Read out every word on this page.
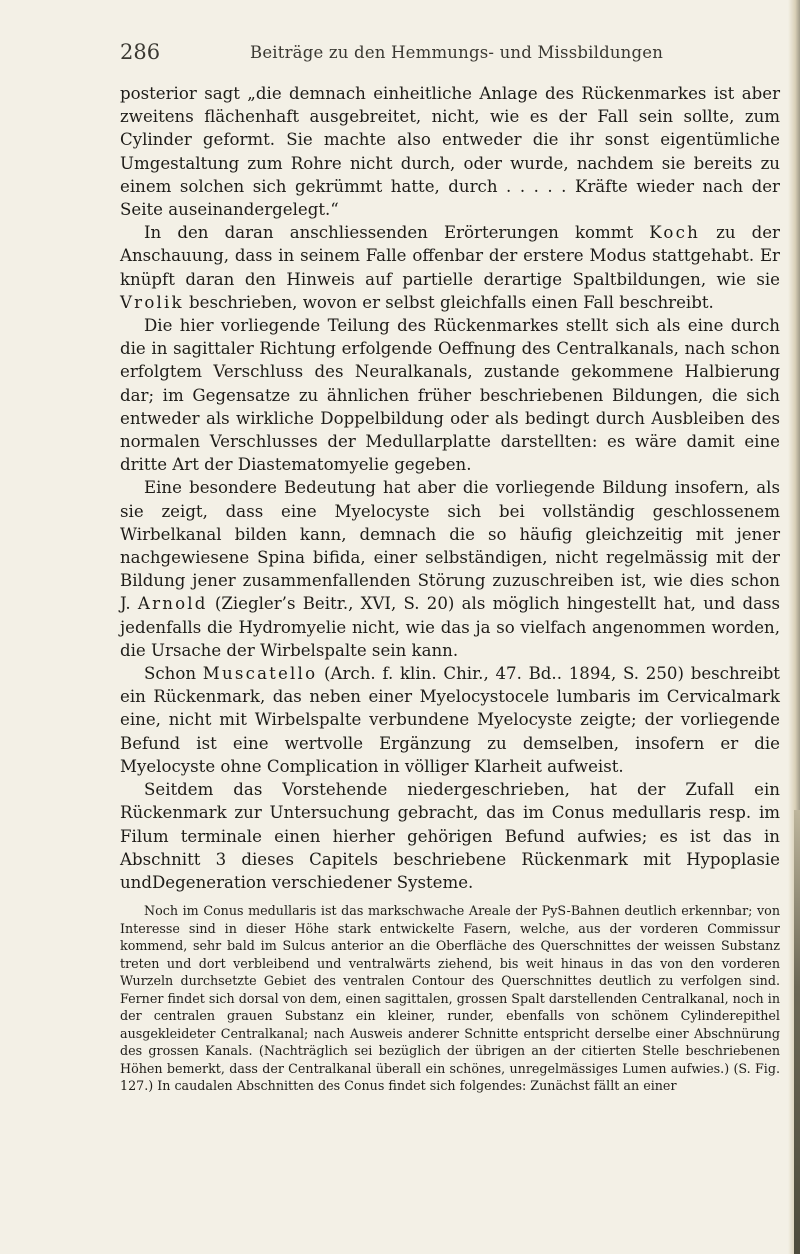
286	Beiträge zu den Hemmungs- und Missbildungen

posterior sagt „die demnach einheitliche Anlage des Rückenmarkes ist aber zweitens flächenhaft ausgebreitet, nicht, wie es der Fall sein sollte, zum Cylinder geformt. Sie machte also entweder die ihr sonst eigentümliche Umgestaltung zum Rohre nicht durch, oder wurde, nachdem sie bereits zu einem solchen sich gekrümmt hatte, durch . . . . . Kräfte wieder nach der Seite auseinandergelegt.“

In den daran anschliessenden Erörterungen kommt Koch zu der Anschauung, dass in seinem Falle offenbar der erstere Modus stattgehabt. Er knüpft daran den Hinweis auf partielle derartige Spaltbildungen, wie sie Vrolik beschrieben, wovon er selbst gleichfalls einen Fall beschreibt.

Die hier vorliegende Teilung des Rückenmarkes stellt sich als eine durch die in sagittaler Richtung erfolgende Oeffnung des Centralkanals, nach schon erfolgtem Verschluss des Neuralkanals, zustande gekommene Halbierung dar; im Gegensatze zu ähnlichen früher beschriebenen Bildungen, die sich entweder als wirkliche Doppelbildung oder als bedingt durch Ausbleiben des normalen Verschlusses der Medullarplatte darstellten: es wäre damit eine dritte Art der Diastematomyelie gegeben.

Eine besondere Bedeutung hat aber die vorliegende Bildung insofern, als sie zeigt, dass eine Myelocyste sich bei vollständig geschlossenem Wirbelkanal bilden kann, demnach die so häufig gleichzeitig mit jener nachgewiesene Spina bifida, einer selbständigen, nicht regelmässig mit der Bildung jener zusammenfallenden Störung zuzuschreiben ist, wie dies schon J. Arnold (Ziegler’s Beitr., XVI, S. 20) als möglich hingestellt hat, und dass jedenfalls die Hydromyelie nicht, wie das ja so vielfach angenommen worden, die Ursache der Wirbelspalte sein kann.

Schon Muscatello (Arch. f. klin. Chir., 47. Bd.. 1894, S. 250) beschreibt ein Rückenmark, das neben einer Myelocystocele lumbaris im Cervicalmark eine, nicht mit Wirbelspalte verbundene Myelocyste zeigte; der vorliegende Befund ist eine wertvolle Ergänzung zu demselben, insofern er die Myelocyste ohne Complication in völliger Klarheit aufweist.

Seitdem das Vorstehende niedergeschrieben, hat der Zufall ein Rückenmark zur Untersuchung gebracht, das im Conus medullaris resp. im Filum terminale einen hierher gehörigen Befund aufwies; es ist das in Abschnitt 3 dieses Capitels beschriebene Rückenmark mit Hypoplasie undDegeneration verschiedener Systeme.

Noch im Conus medullaris ist das markschwache Areale der PyS-Bahnen deutlich erkennbar; von Interesse sind in dieser Höhe stark entwickelte Fasern, welche, aus der vorderen Commissur kommend, sehr bald im Sulcus anterior an die Oberfläche des Querschnittes der weissen Substanz treten und dort verbleibend und ventralwärts ziehend, bis weit hinaus in das von den vorderen Wurzeln durchsetzte Gebiet des ventralen Contour des Querschnittes deutlich zu verfolgen sind. Ferner findet sich dorsal von dem, einen sagittalen, grossen Spalt darstellenden Centralkanal, noch in der centralen grauen Substanz ein kleiner, runder, ebenfalls von schönem Cylinderepithel ausgekleideter Centralkanal; nach Ausweis anderer Schnitte entspricht derselbe einer Abschnürung des grossen Kanals. (Nachträglich sei bezüglich der übrigen an der citierten Stelle beschriebenen Höhen bemerkt, dass der Centralkanal überall ein schönes, unregelmässiges Lumen aufwies.) (S. Fig. 127.) In caudalen Abschnitten des Conus findet sich folgendes: Zunächst fällt an einer
